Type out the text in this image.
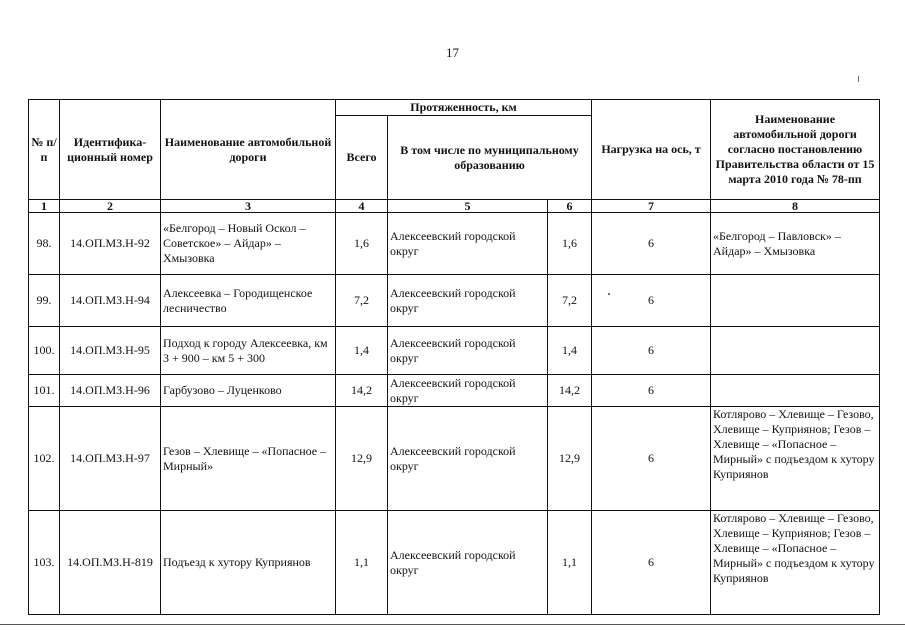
17
№ п/п	Идентифика-ционный номер	Наименование автомобильной дороги	Протяженность, км			Нагрузка на ось, т	Наименование автомобильной дороги согласно постановлению Правительства области от 15 марта 2010 года № 78-пп
			Всего	В том числе по муниципальному образованию			
1	2	3	4	5	6	7	8
98.	14.ОП.МЗ.Н-92	«Белгород – Новый Оскол – Советское» – Айдар» – Хмызовка	1,6	Алексеевский городской округ	1,6	6	«Белгород – Павловск» – Айдар» – Хмызовка
99.	14.ОП.МЗ.Н-94	Алексеевка – Городищенское лесничество	7,2	Алексеевский городской округ	7,2	6	
100.	14.ОП.МЗ.Н-95	Подход к городу Алексеевка, км 3 + 900 – км 5 + 300	1,4	Алексеевский городской округ	1,4	6	
101.	14.ОП.МЗ.Н-96	Гарбузово – Луценково	14,2	Алексеевский городской округ	14,2	6	
102.	14.ОП.МЗ.Н-97	Гезов – Хлевище – «Попасное – Мирный»	12,9	Алексеевский городской округ	12,9	6	Котлярово – Хлевище – Гезово, Хлевище – Куприянов; Гезов – Хлевище – «Попасное – Мирный» с подъездом к хутору Куприянов
103.	14.ОП.МЗ.Н-819	Подъезд к хутору Куприянов	1,1	Алексеевский городской округ	1,1	6	Котлярово – Хлевище – Гезово, Хлевище – Куприянов; Гезов – Хлевище – «Попасное – Мирный» с подъездом к хутору Куприянов
